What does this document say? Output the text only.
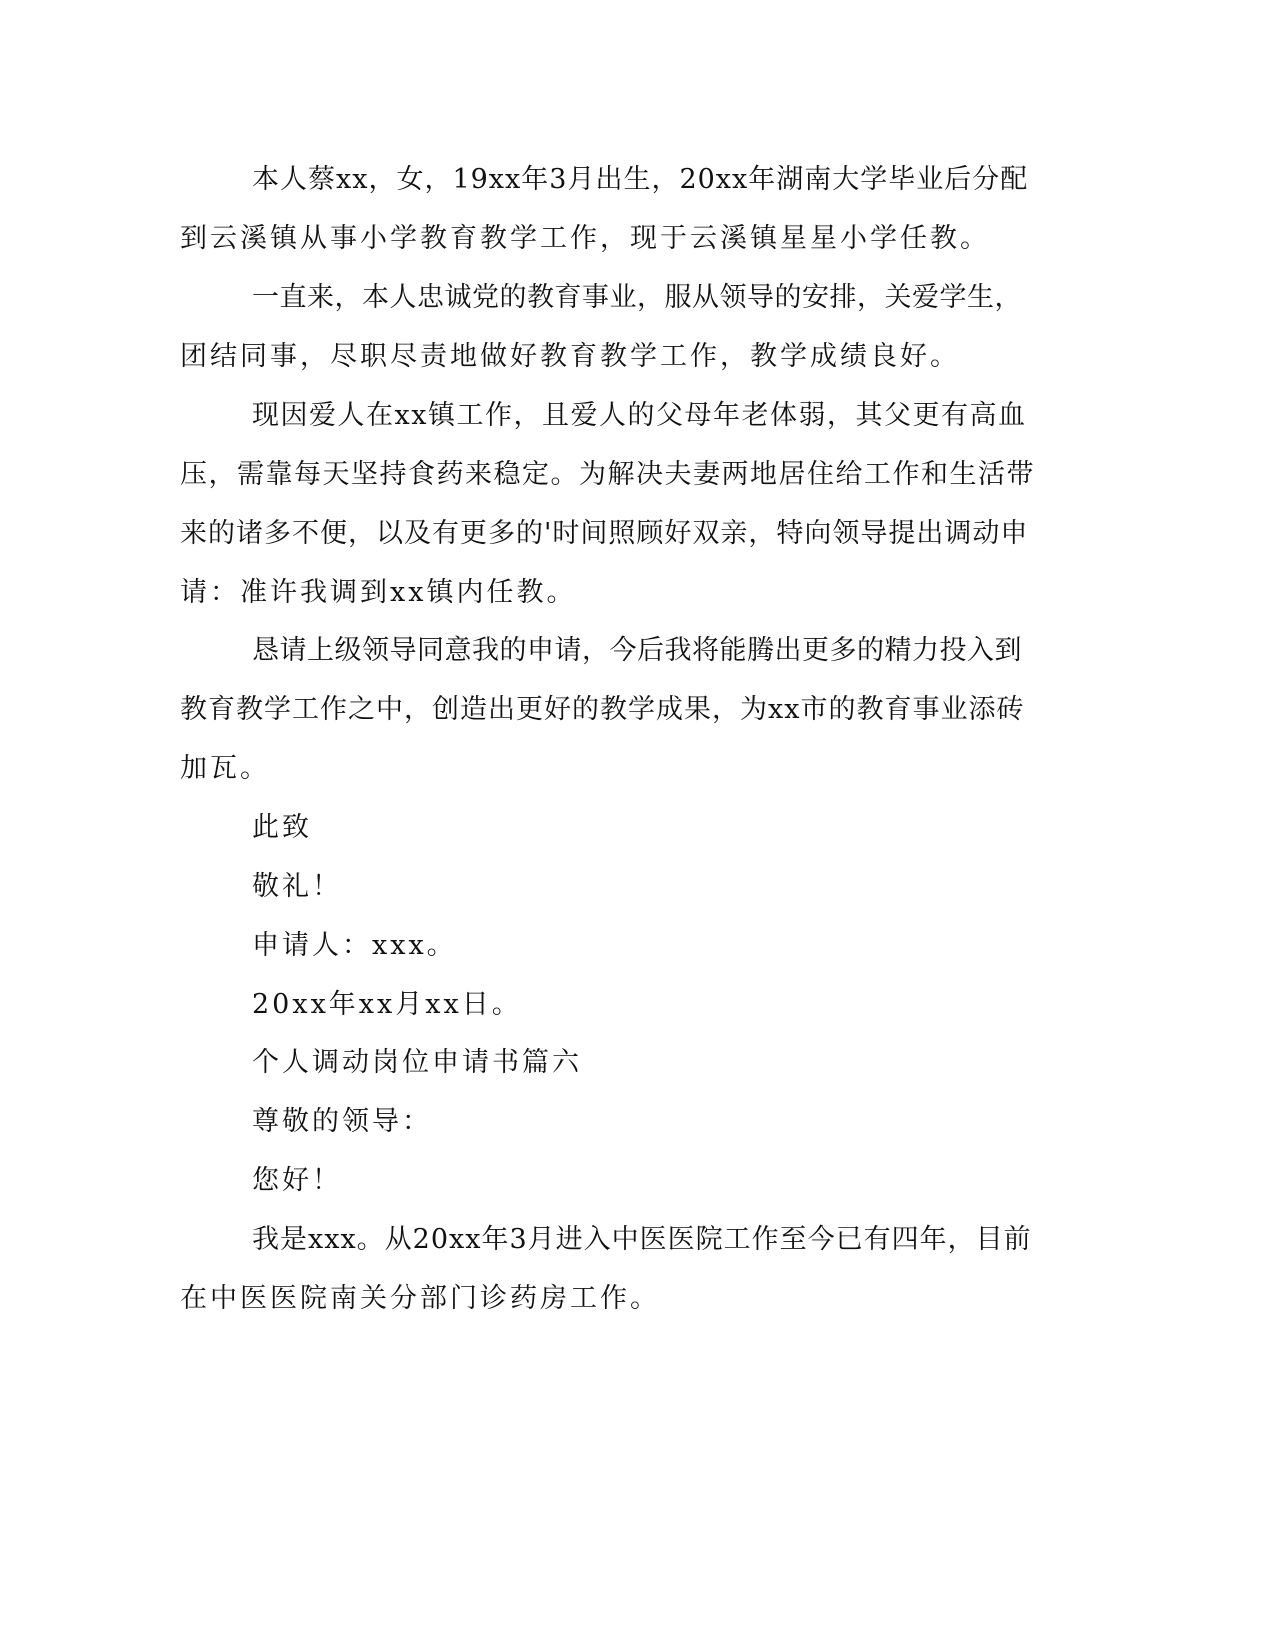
本人蔡xx，女，19xx年3月出生，20xx年湖南大学毕业后分配
到云溪镇从事小学教育教学工作，现于云溪镇星星小学任教。
一直来，本人忠诚党的教育事业，服从领导的安排，关爱学生，
团结同事，尽职尽责地做好教育教学工作，教学成绩良好。
现因爱人在xx镇工作，且爱人的父母年老体弱，其父更有高血
压，需靠每天坚持食药来稳定。为解决夫妻两地居住给工作和生活带
来的诸多不便，以及有更多的'时间照顾好双亲，特向领导提出调动申
请：准许我调到xx镇内任教。
恳请上级领导同意我的申请，今后我将能腾出更多的精力投入到
教育教学工作之中，创造出更好的教学成果，为xx市的教育事业添砖
加瓦。
此致
敬礼！
申请人：xxx。
20xx年xx月xx日。
个人调动岗位申请书篇六
尊敬的领导：
您好！
我是xxx。从20xx年3月进入中医医院工作至今已有四年，目前
在中医医院南关分部门诊药房工作。
